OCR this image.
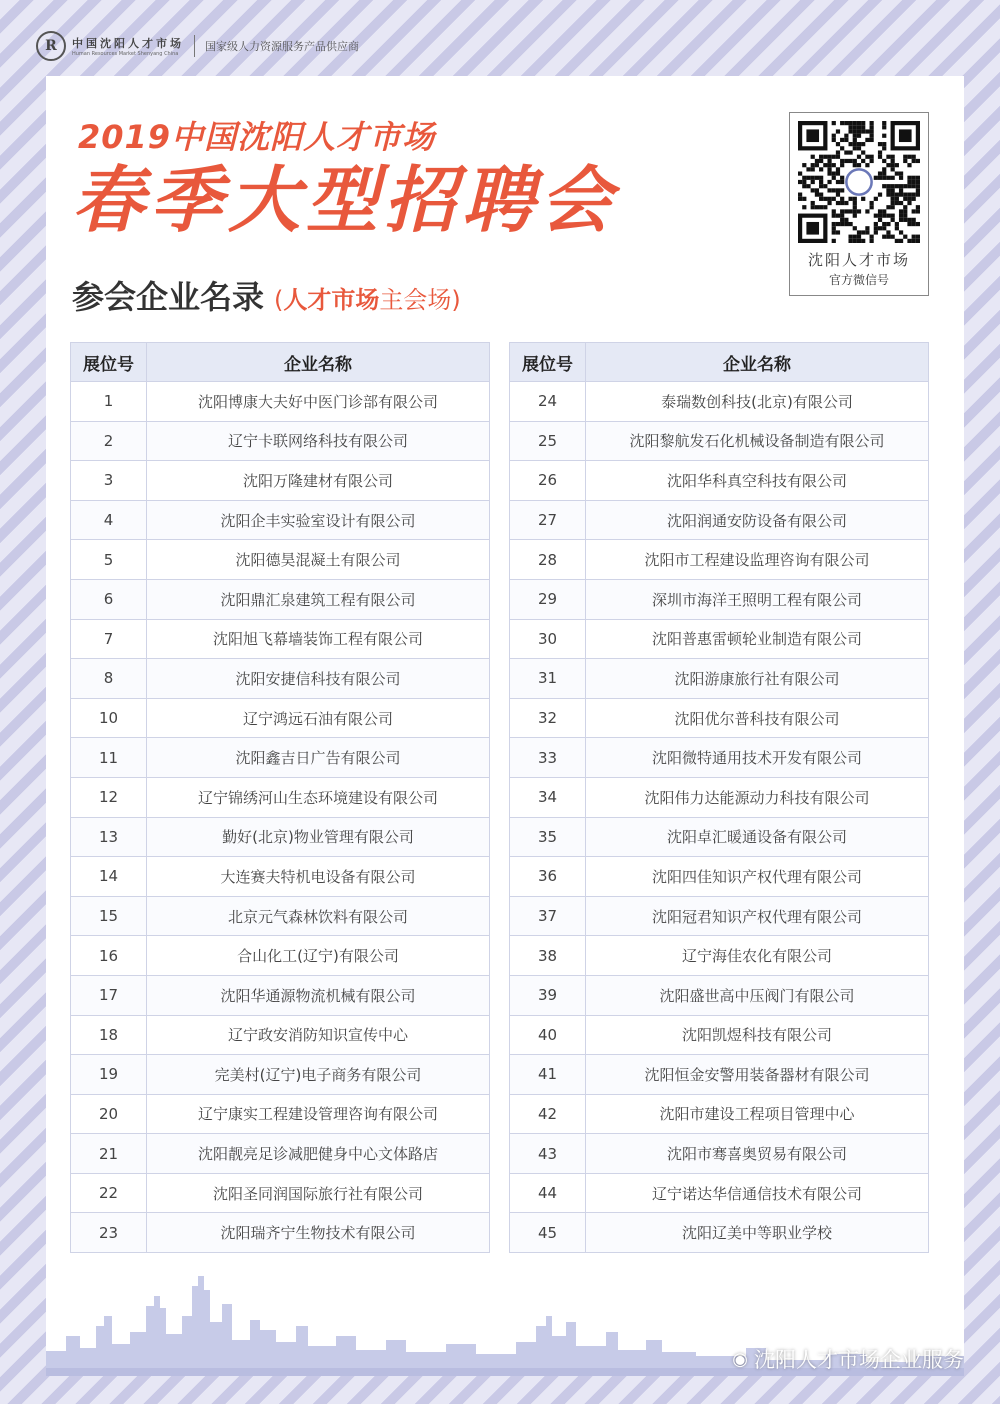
R	中国沈阳人才市场
Human Resources Market Shenyang China
国家级人力资源服务产品供应商
2019中国沈阳人才市场
春季大型招聘会
参会企业名录 (人才市场主会场)
沈阳人才市场
官方微信号
展位号	企业名称
1	沈阳博康大夫好中医门诊部有限公司
2	辽宁卡联网络科技有限公司
3	沈阳万隆建材有限公司
4	沈阳企丰实验室设计有限公司
5	沈阳德昊混凝土有限公司
6	沈阳鼎汇泉建筑工程有限公司
7	沈阳旭飞幕墙装饰工程有限公司
8	沈阳安捷信科技有限公司
10	辽宁鸿远石油有限公司
11	沈阳鑫吉日广告有限公司
12	辽宁锦绣河山生态环境建设有限公司
13	勤好(北京)物业管理有限公司
14	大连赛夫特机电设备有限公司
15	北京元气森林饮料有限公司
16	合山化工(辽宁)有限公司
17	沈阳华通源物流机械有限公司
18	辽宁政安消防知识宣传中心
19	完美村(辽宁)电子商务有限公司
20	辽宁康实工程建设管理咨询有限公司
21	沈阳靓亮足诊减肥健身中心文体路店
22	沈阳圣同润国际旅行社有限公司
23	沈阳瑞齐宁生物技术有限公司
展位号	企业名称
24	泰瑞数创科技(北京)有限公司
25	沈阳黎航发石化机械设备制造有限公司
26	沈阳华科真空科技有限公司
27	沈阳润通安防设备有限公司
28	沈阳市工程建设监理咨询有限公司
29	深圳市海洋王照明工程有限公司
30	沈阳普惠雷顿轮业制造有限公司
31	沈阳游康旅行社有限公司
32	沈阳优尔普科技有限公司
33	沈阳微特通用技术开发有限公司
34	沈阳伟力达能源动力科技有限公司
35	沈阳卓汇暖通设备有限公司
36	沈阳四佳知识产权代理有限公司
37	沈阳冠君知识产权代理有限公司
38	辽宁海佳农化有限公司
39	沈阳盛世高中压阀门有限公司
40	沈阳凯煜科技有限公司
41	沈阳恒金安警用装备器材有限公司
42	沈阳市建设工程项目管理中心
43	沈阳市骞喜奥贸易有限公司
44	辽宁诺达华信通信技术有限公司
45	沈阳辽美中等职业学校
◉ 沈阳人才市场企业服务
